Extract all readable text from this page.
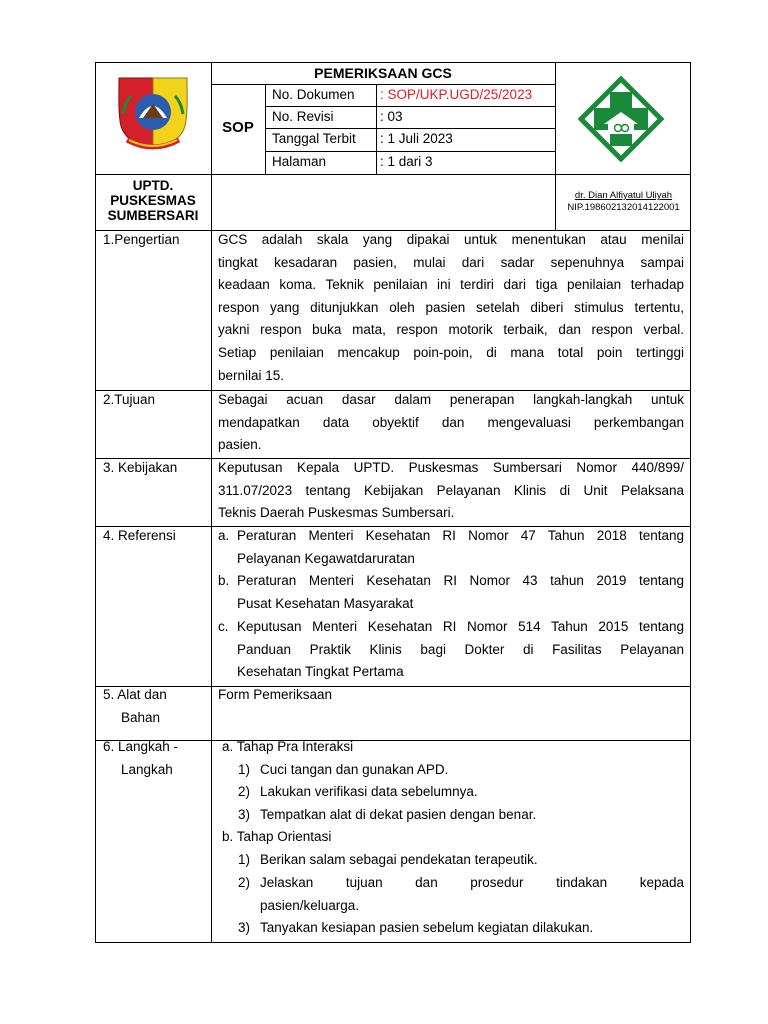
PEMERIKSAAN GCS
SOP
No. Dokumen : SOP/UKP.UGD/25/2023
No. Revisi	: 03
Tanggal Terbit : 1 Juli 2023
Halaman	: 1 dari 3
UPTD.
PUSKESMAS
SUMBERSARI
dr. Dian Alfiyatul Uliyah
NIP.198602132014122001
1.Pengertian
2.Tujuan
3. Kebijakan
4. Referensi
5. Alat dan
Bahan
6. Langkah -
Langkah
GCS adalah skala yang dipakai untuk menentukan atau menilai
tingkat kesadaran pasien, mulai dari sadar sepenuhnya sampai
keadaan koma. Teknik penilaian ini terdiri dari tiga penilaian terhadap
respon yang ditunjukkan oleh pasien setelah diberi stimulus tertentu,
yakni respon buka mata, respon motorik terbaik, dan respon verbal.
Setiap penilaian mencakup poin-poin, di mana total poin tertinggi
bernilai 15.
Sebagai acuan dasar dalam penerapan langkah-langkah untuk
mendapatkan data obyektif dan mengevaluasi perkembangan
pasien.
Keputusan Kepala UPTD. Puskesmas Sumbersari Nomor 440/899/
311.07/2023 tentang Kebijakan Pelayanan Klinis di Unit Pelaksana
Teknis Daerah Puskesmas Sumbersari.
a. Peraturan Menteri Kesehatan RI Nomor 47 Tahun 2018 tentang
Pelayanan Kegawatdaruratan
b. Peraturan Menteri Kesehatan RI Nomor 43 tahun 2019 tentang
Pusat Kesehatan Masyarakat
c. Keputusan Menteri Kesehatan RI Nomor 514 Tahun 2015 tentang
Panduan Praktik Klinis bagi Dokter di Fasilitas Pelayanan
Kesehatan Tingkat Pertama
Form Pemeriksaan
a. Tahap Pra Interaksi
1) Cuci tangan dan gunakan APD.
2) Lakukan verifikasi data sebelumnya.
3) Tempatkan alat di dekat pasien dengan benar.
b. Tahap Orientasi
1) Berikan salam sebagai pendekatan terapeutik.
2) Jelaskan tujuan dan prosedur tindakan kepada
pasien/keluarga.
3) Tanyakan kesiapan pasien sebelum kegiatan dilakukan.
